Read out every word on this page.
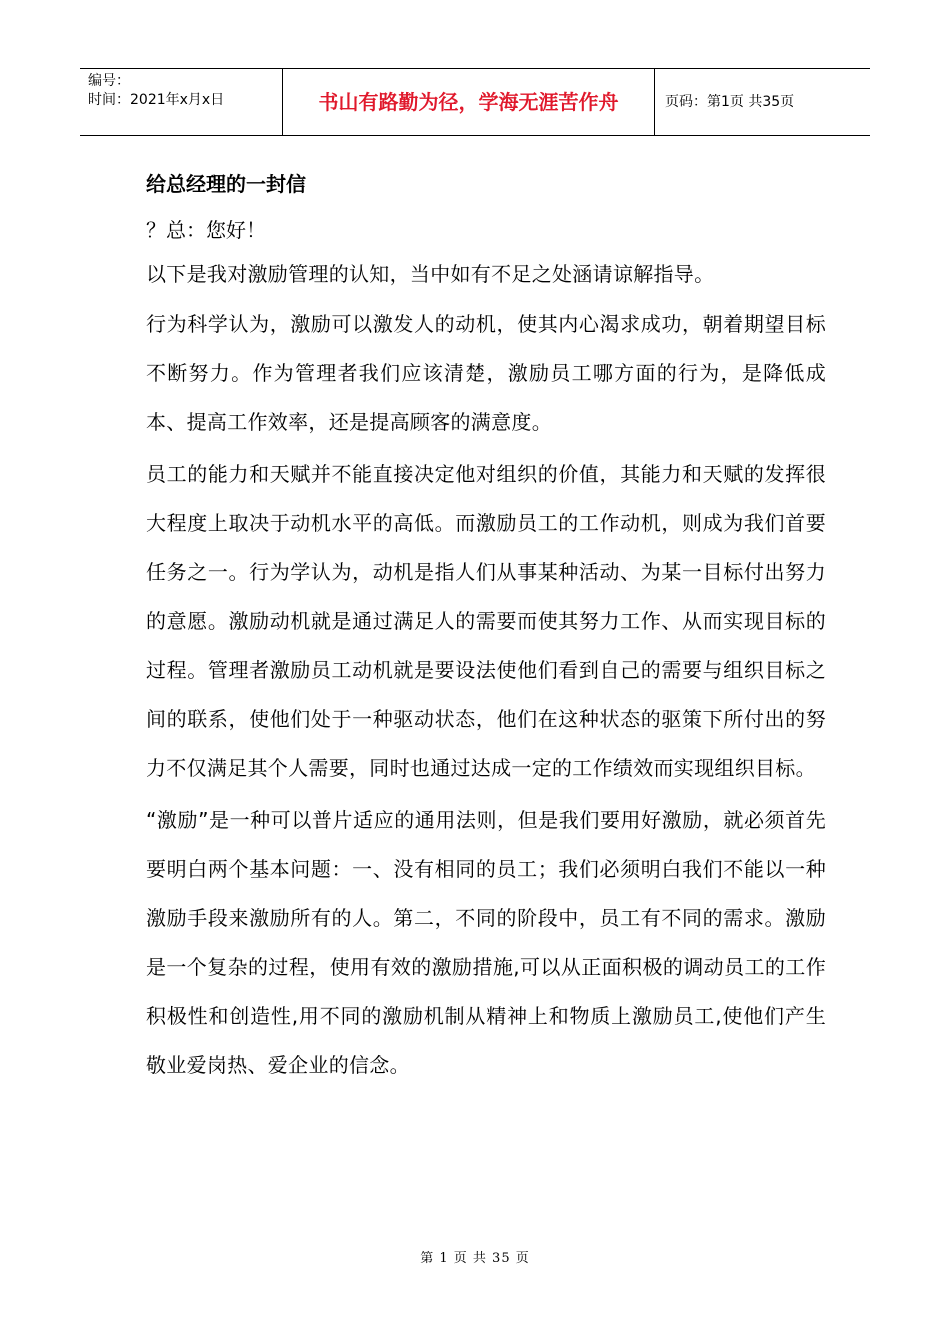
编号：
时间：2021年x月x日	书山有路勤为径，学海无涯苦作舟	页码：第1页 共35页
给总经理的一封信
？总：您好！
以下是我对激励管理的认知，当中如有不足之处涵请谅解指导。
行为科学认为，激励可以激发人的动机，使其内心渴求成功，朝着期望目标不断努力。作为管理者我们应该清楚，激励员工哪方面的行为，是降低成本、提高工作效率，还是提高顾客的满意度。
员工的能力和天赋并不能直接决定他对组织的价值，其能力和天赋的发挥很大程度上取决于动机水平的高低。而激励员工的工作动机，则成为我们首要任务之一。行为学认为，动机是指人们从事某种活动、为某一目标付出努力的意愿。激励动机就是通过满足人的需要而使其努力工作、从而实现目标的过程。管理者激励员工动机就是要设法使他们看到自己的需要与组织目标之间的联系，使他们处于一种驱动状态，他们在这种状态的驱策下所付出的努力不仅满足其个人需要，同时也通过达成一定的工作绩效而实现组织目标。
“激励”是一种可以普片适应的通用法则，但是我们要用好激励，就必须首先要明白两个基本问题：一、没有相同的员工；我们必须明白我们不能以一种激励手段来激励所有的人。第二，不同的阶段中，员工有不同的需求。激励是一个复杂的过程，使用有效的激励措施,可以从正面积极的调动员工的工作积极性和创造性,用不同的激励机制从精神上和物质上激励员工,使他们产生敬业爱岗热、爱企业的信念。
第 1 页 共 35 页
